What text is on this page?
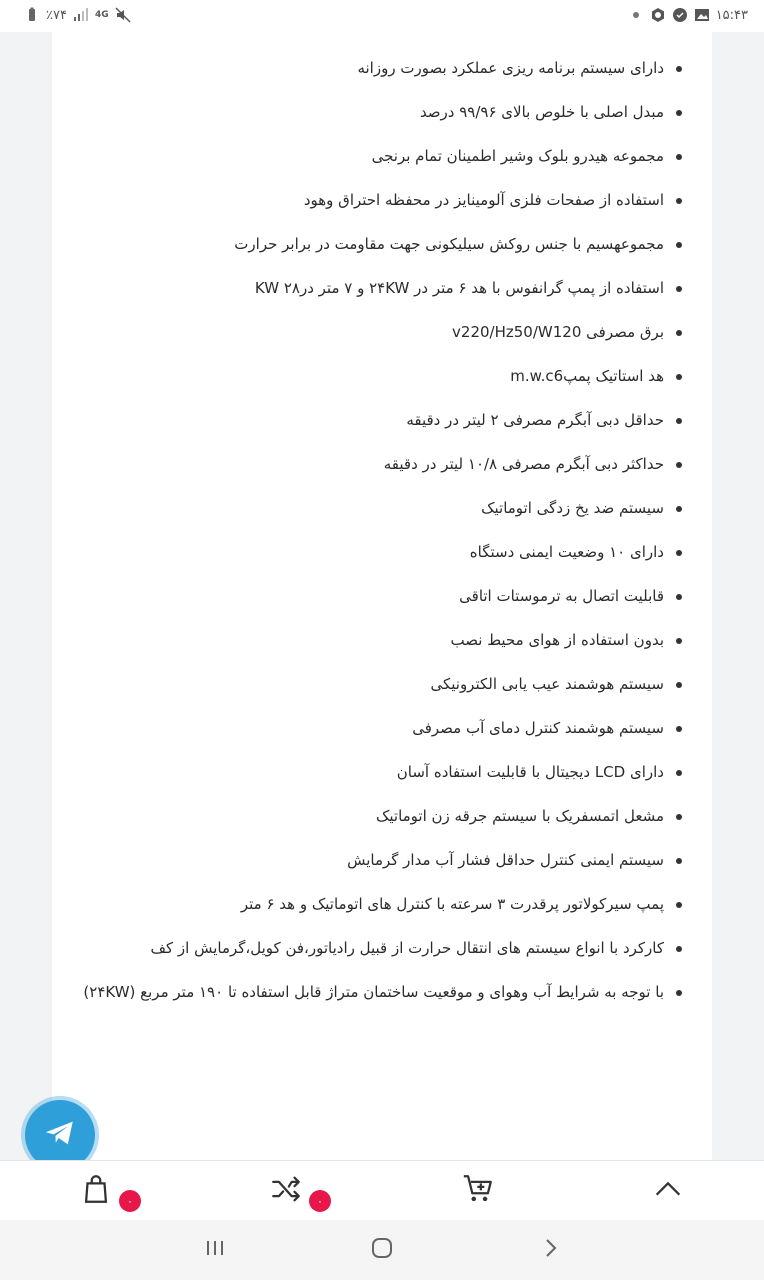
٪۷۴	4G	۱۵:۴۳
دارای سیستم برنامه ریزی عملکرد بصورت روزانه
مبدل اصلی با خلوص بالای ۹۹/۹۶ درصد
مجموعه هیدرو بلوک وشیر اطمینان تمام برنجی
استفاده از صفحات فلزی آلومینایز در محفظه احتراق وهود
مجموعهسیم با جنس روکش سیلیکونی جهت مقاومت در برابر حرارت
استفاده از پمپ گرانفوس با هد ۶ متر در ۲۴KW و ۷ متر در۲۸ KW
برق مصرفی v220/Hz50/W120
هد استاتیک پمپm.w.c6
حداقل دبی آبگرم مصرفی ۲ لیتر در دقیقه
حداکثر دبی آبگرم مصرفی ۱۰/۸ لیتر در دقیقه
سیستم ضد یخ زدگی اتوماتیک
دارای ۱۰ وضعیت ایمنی دستگاه
قابلیت اتصال به ترموستات اتاقی
بدون استفاده از هوای محیط نصب
سیستم هوشمند عیب یابی الکترونیکی
سیستم هوشمند کنترل دمای آب مصرفی
دارای LCD دیجیتال با قابلیت استفاده آسان
مشعل اتمسفریک با سیستم جرقه زن اتوماتیک
سیستم ایمنی کنترل حداقل فشار آب مدار گرمایش
پمپ سیرکولاتور پرقدرت ۳ سرعته با کنترل های اتوماتیک و هد ۶ متر
کارکرد با انواع سیستم های انتقال حرارت از قبیل رادیاتور،فن کویل،گرمایش از کف
با توجه به شرایط آب وهوای و موقعیت ساختمان متراژ قابل استفاده تا ۱۹۰ متر مربع (۲۴KW)
۰	۰
